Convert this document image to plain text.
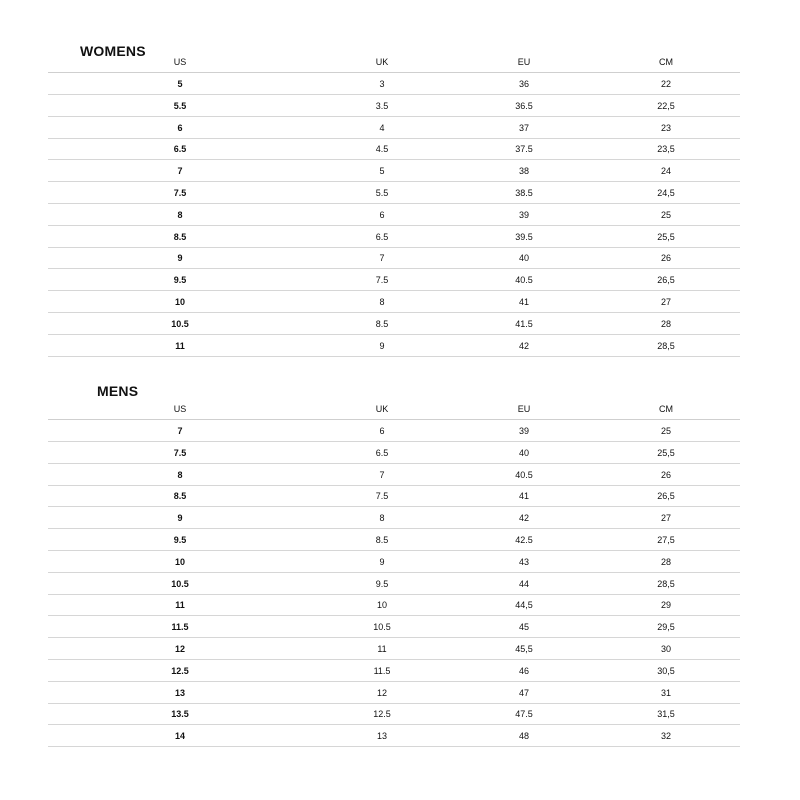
WOMENS
US	UK	EU	CM
5	3	36	22
5.5	3.5	36.5	22,5
6	4	37	23
6.5	4.5	37.5	23,5
7	5	38	24
7.5	5.5	38.5	24,5
8	6	39	25
8.5	6.5	39.5	25,5
9	7	40	26
9.5	7.5	40.5	26,5
10	8	41	27
10.5	8.5	41.5	28
11	9	42	28,5
MENS
US	UK	EU	CM
7	6	39	25
7.5	6.5	40	25,5
8	7	40.5	26
8.5	7.5	41	26,5
9	8	42	27
9.5	8.5	42.5	27,5
10	9	43	28
10.5	9.5	44	28,5
11	10	44,5	29
11.5	10.5	45	29,5
12	11	45,5	30
12.5	11.5	46	30,5
13	12	47	31
13.5	12.5	47.5	31,5
14	13	48	32
